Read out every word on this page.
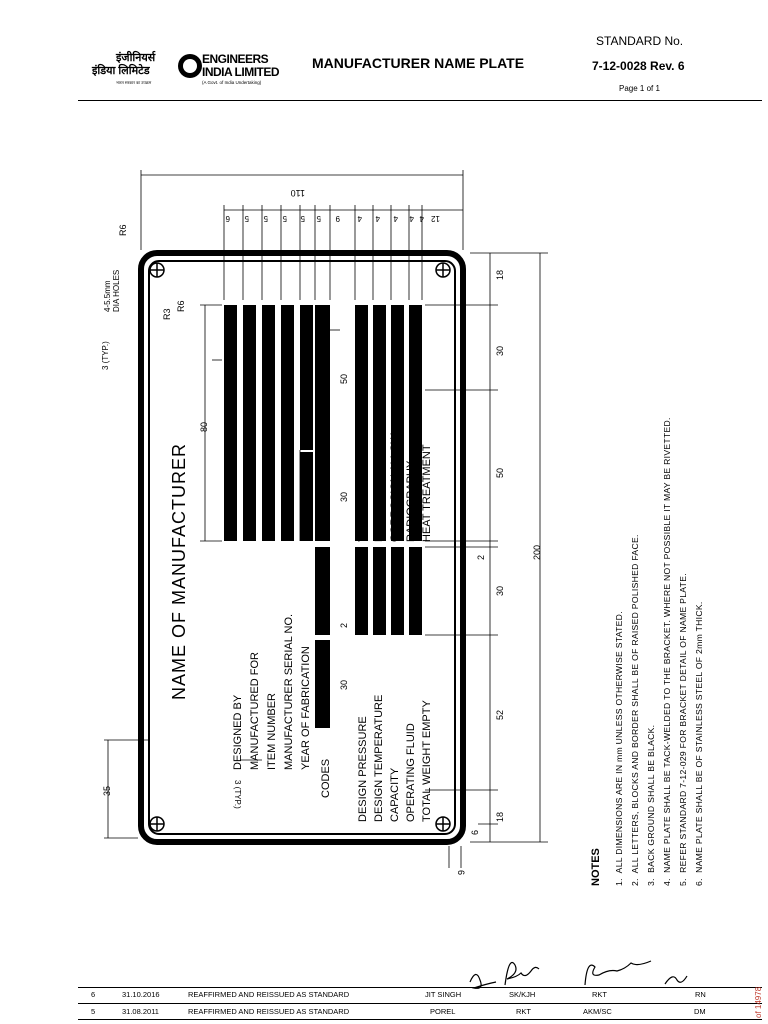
इंजीनियर्स
इंडिया लिमिटेड
ENGINEERS
INDIA LIMITED
भारत सरकार का उपक्रम	(A Govt. of India Undertaking)
MANUFACTURER NAME PLATE
STANDARD No.
7-12-0028 Rev. 6
Page 1 of 1
110
18
30
50
2
30
52
18
6
200
6
35
80
50
30
2
30
R6
R3
R6
4-5.5mmDIA HOLES
3 (TYP.)
3 (TYP.)
6 5 5 5 5 5 9 4 4 4 4 4 12
NAME OF MANUFACTURER
DESIGNED BY MANUFACTURED FOR ITEM NUMBER MANUFACTURER SERIAL NO. YEAR OF FABRICATION
CODES DESIGN PRESSURE DESIGN TEMPERATURE CAPACITY OPERATING FLUID TOTAL WEIGHT EMPTY
TEST PRESSURE DATE OF TEST CORROSION ALLOW. RADIOGRAPHY HEAT TREATMENT
INSPECTED BY
NOTES 1.  ALL DIMENSIONS ARE IN mm UNLESS OTHERWISE STATED. 2.  ALL LETTERS, BLOCKS AND BORDER SHALL BE OF RAISED POLISHED FACE. 3.  BACK GROUND SHALL BE BLACK. 4.  NAME PLATE SHALL BE TACK-WELDED TO THE BRACKET. WHERE NOT POSSIBLE IT MAY BE RIVETTED. 5.  REFER STANDARD 7-12-029 FOR BRACKET DETAIL OF NAME PLATE. 6.  NAME PLATE SHALL BE OF STAINLESS STEEL OF 2mm THICK.
6	31.10.2016	REAFFIRMED AND REISSUED AS STANDARD	JIT SINGH	SK/KJH	RKT	RN
5	31.08.2011	REAFFIRMED AND REISSUED AS STANDARD	POREL	RKT	AKM/SC	DM	of 14978
